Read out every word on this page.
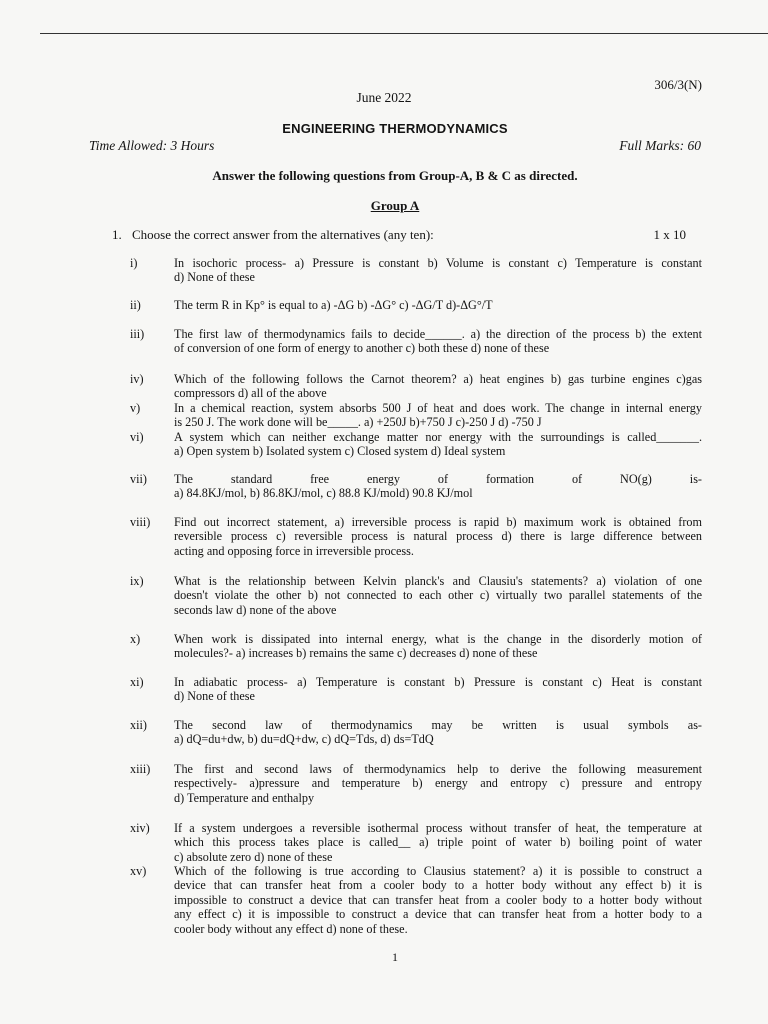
306/3(N)
June 2022
ENGINEERING THERMODYNAMICS
Time Allowed: 3 Hours	Full Marks: 60
Answer the following questions from Group-A, B & C as directed.
Group A
1. Choose the correct answer from the alternatives (any ten):	1 x 10
i)	In isochoric process- a) Pressure is constant b) Volume is constant c) Temperature is constant
d) None of these
ii)	The term R in Kp° is equal to a) -ΔG b) -ΔG° c) -ΔG/T d)-ΔG°/T
iii)	The first law of thermodynamics fails to decide______. a) the direction of the process b) the extent
of conversion of one form of energy to another c) both these d) none of these
iv)	Which of the following follows the Carnot theorem? a) heat engines b) gas turbine engines c)gas
compressors d) all of the above
v)	In a chemical reaction, system absorbs 500 J of heat and does work. The change in internal energy
is 250 J. The work done will be_____. a) +250J b)+750 J c)-250 J d) -750 J
vi)	A system which can neither exchange matter nor energy with the surroundings is called_______.
a) Open system b) Isolated system c) Closed system d) Ideal system
vii)	The standard free energy of formation of NO(g) is-
a) 84.8KJ/mol, b) 86.8KJ/mol, c) 88.8 KJ/mold) 90.8 KJ/mol
viii)	Find out incorrect statement, a) irreversible process is rapid b) maximum work is obtained from
reversible process c) reversible process is natural process d) there is large difference between
acting and opposing force in irreversible process.
ix)	What is the relationship between Kelvin planck's and Clausiu's statements? a) violation of one
doesn't violate the other b) not connected to each other c) virtually two parallel statements of the
seconds law d) none of the above
x)	When work is dissipated into internal energy, what is the change in the disorderly motion of
molecules?- a) increases b) remains the same c) decreases d) none of these
xi)	In adiabatic process- a) Temperature is constant b) Pressure is constant c) Heat is constant
d) None of these
xii)	The second law of thermodynamics may be written is usual symbols as-
a) dQ=du+dw, b) du=dQ+dw, c) dQ=Tds, d) ds=TdQ
xiii)	The first and second laws of thermodynamics help to derive the following measurement
respectively- a)pressure and temperature b) energy and entropy c) pressure and entropy
d) Temperature and enthalpy
xiv)	If a system undergoes a reversible isothermal process without transfer of heat, the temperature at
which this process takes place is called__ a) triple point of water b) boiling point of water
c) absolute zero d) none of these
xv)	Which of the following is true according to Clausius statement? a) it is possible to construct a
device that can transfer heat from a cooler body to a hotter body without any effect b) it is
impossible to construct a device that can transfer heat from a cooler body to a hotter body without
any effect c) it is impossible to construct a device that can transfer heat from a hotter body to a
cooler body without any effect d) none of these.
1
